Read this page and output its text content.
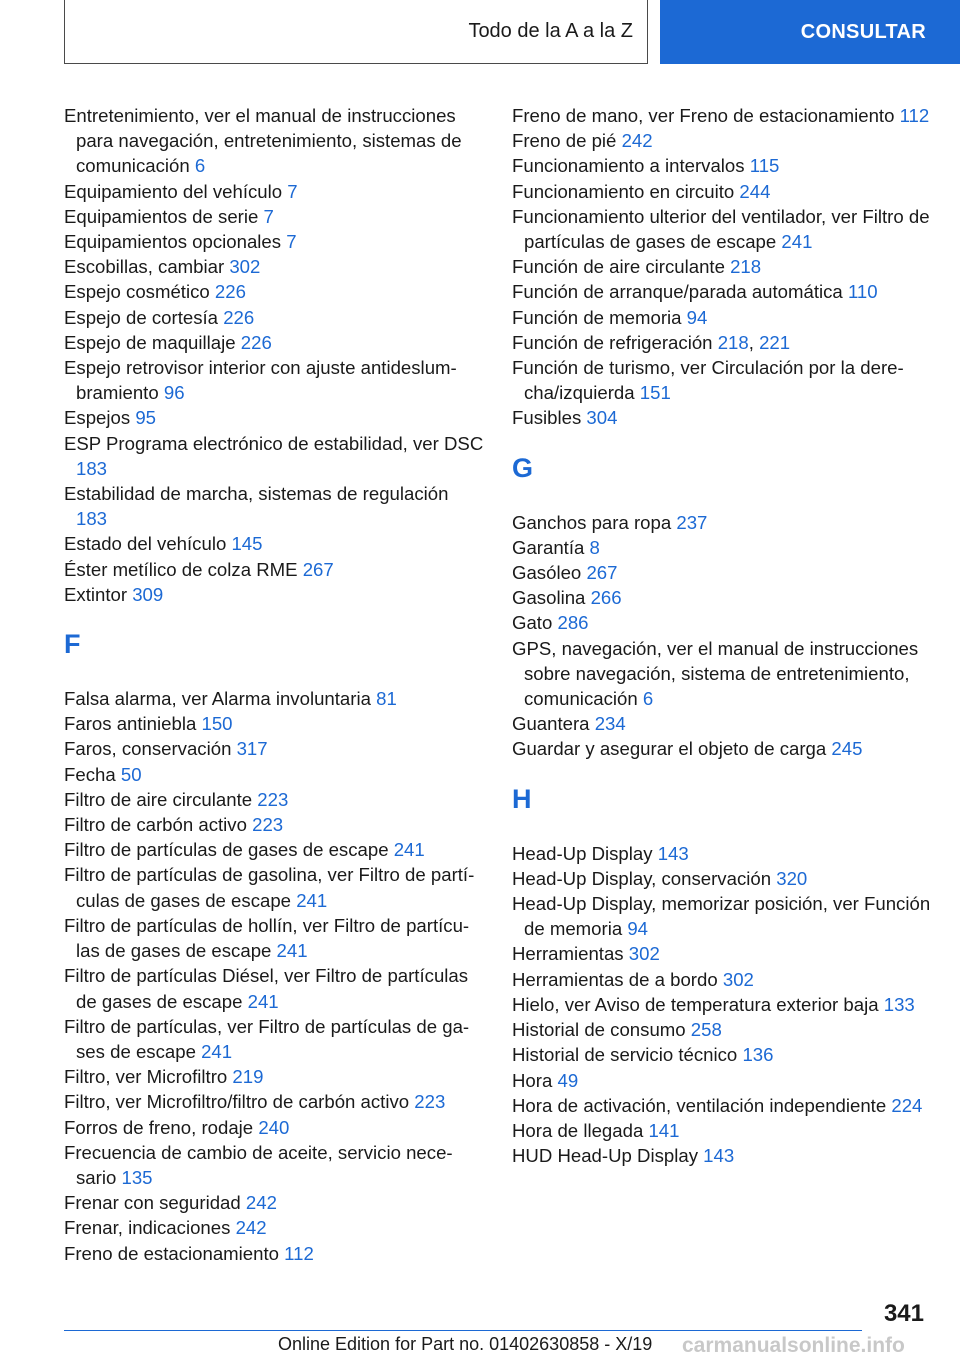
Todo de la A a la Z	CONSULTAR
Entretenimiento, ver el manual de instrucciones para navegación, entretenimiento, sistemas de comunicación 6
Equipamiento del vehículo 7
Equipamientos de serie 7
Equipamientos opcionales 7
Escobillas, cambiar 302
Espejo cosmético 226
Espejo de cortesía 226
Espejo de maquillaje 226
Espejo retrovisor interior con ajuste antideslumbramiento 96
Espejos 95
ESP Programa electrónico de estabilidad, ver DSC 183
Estabilidad de marcha, sistemas de regulación 183
Estado del vehículo 145
Éster metílico de colza RME 267
Extintor 309
F
Falsa alarma, ver Alarma involuntaria 81
Faros antiniebla 150
Faros, conservación 317
Fecha 50
Filtro de aire circulante 223
Filtro de carbón activo 223
Filtro de partículas de gases de escape 241
Filtro de partículas de gasolina, ver Filtro de partículas de gases de escape 241
Filtro de partículas de hollín, ver Filtro de partículas de gases de escape 241
Filtro de partículas Diésel, ver Filtro de partículas de gases de escape 241
Filtro de partículas, ver Filtro de partículas de gases de escape 241
Filtro, ver Microfiltro 219
Filtro, ver Microfiltro/filtro de carbón activo 223
Forros de freno, rodaje 240
Frecuencia de cambio de aceite, servicio necesario 135
Frenar con seguridad 242
Frenar, indicaciones 242
Freno de estacionamiento 112
Freno de mano, ver Freno de estacionamiento 112
Freno de pié 242
Funcionamiento a intervalos 115
Funcionamiento en circuito 244
Funcionamiento ulterior del ventilador, ver Filtro de partículas de gases de escape 241
Función de aire circulante 218
Función de arranque/parada automática 110
Función de memoria 94
Función de refrigeración 218, 221
Función de turismo, ver Circulación por la derecha/izquierda 151
Fusibles 304
G
Ganchos para ropa 237
Garantía 8
Gasóleo 267
Gasolina 266
Gato 286
GPS, navegación, ver el manual de instrucciones sobre navegación, sistema de entretenimiento, comunicación 6
Guantera 234
Guardar y asegurar el objeto de carga 245
H
Head-Up Display 143
Head-Up Display, conservación 320
Head-Up Display, memorizar posición, ver Función de memoria 94
Herramientas 302
Herramientas de a bordo 302
Hielo, ver Aviso de temperatura exterior baja 133
Historial de consumo 258
Historial de servicio técnico 136
Hora 49
Hora de activación, ventilación independiente 224
Hora de llegada 141
HUD Head-Up Display 143
341
Online Edition for Part no. 01402630858 - X/19 carmanualsonline.info
